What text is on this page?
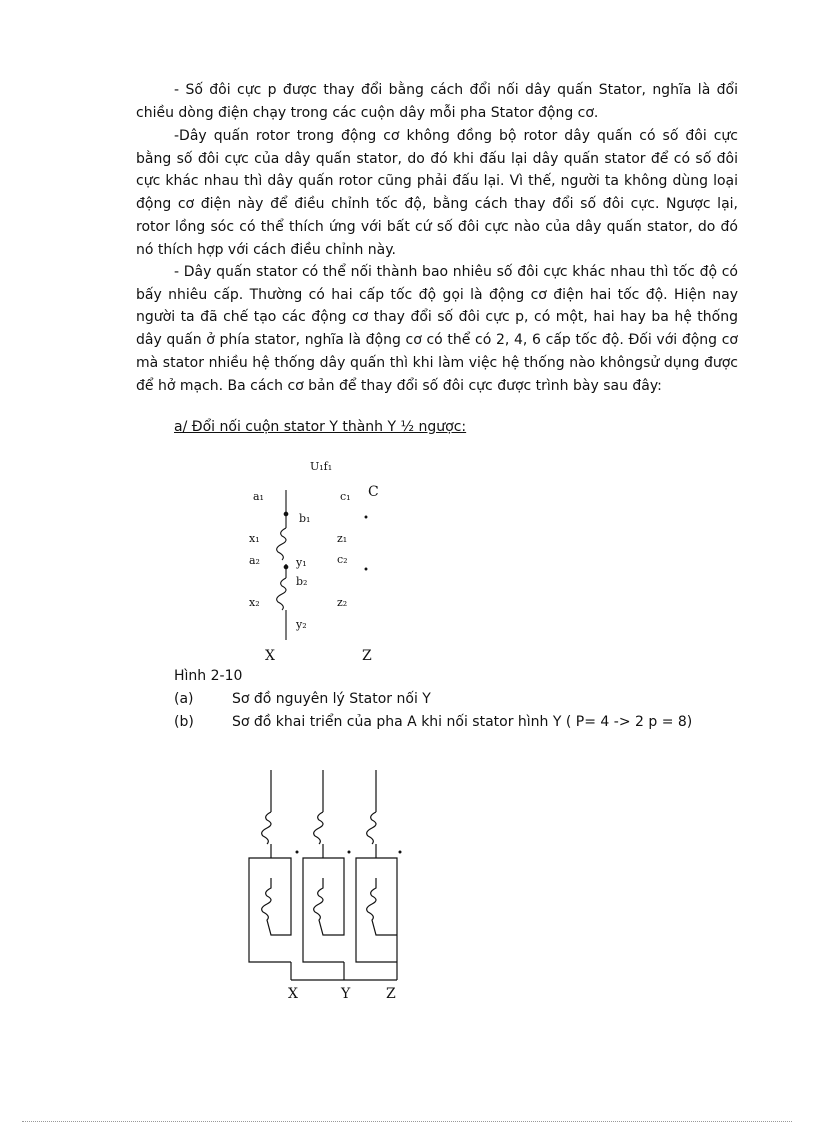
- Số đôi cực p được thay đổi bằng cách đổi nối dây quấn Stator, nghĩa là đổi chiều dòng điện chạy trong các cuộn dây mỗi pha Stator động cơ.

-Dây quấn rotor trong động cơ không đồng bộ rotor dây quấn có số đôi cực bằng số đôi cực của dây quấn stator, do đó khi đấu lại dây quấn stator để có số đôi cực khác nhau thì dây quấn rotor cũng phải đấu lại. Vì thế, người ta không dùng loại động cơ điện này để điều chỉnh tốc độ, bằng cách thay đổi số đôi cực. Ngược lại, rotor lồng sóc có thể thích ứng với bất cứ số đôi cực nào của dây quấn stator, do đó nó thích hợp với cách điều chỉnh này.

- Dây quấn stator có thể nối thành bao nhiêu số đôi cực khác nhau thì tốc độ có bấy nhiêu cấp. Thường có hai cấp tốc độ gọi là động cơ điện hai tốc độ. Hiện nay người ta đã chế tạo các động cơ thay đổi số đôi cực p, có một, hai hay ba hệ thống dây quấn ở phía stator, nghĩa là động cơ có thể có 2, 4, 6 cấp tốc độ. Đối với động cơ mà stator nhiều hệ thống dây quấn thì khi làm việc hệ thống nào khôngsử dụng được để hở mạch. Ba cách cơ bản để thay đổi số đôi cực được trình bày sau đây:

a/ Đổi nối cuộn stator Y thành Y ½ ngược:

U₁f₁
a₁	c₁ C
b₁
x₁	z₁
a₂	y₁	c₂
b₂
x₂	z₂
y₂
X	Z
Hình 2-10
(a)	Sơ đồ nguyên lý Stator nối Y
(b)	Sơ đồ khai triển của pha A khi nối stator hình Y ( P= 4 -> 2 p = 8)
X	Y	Z
